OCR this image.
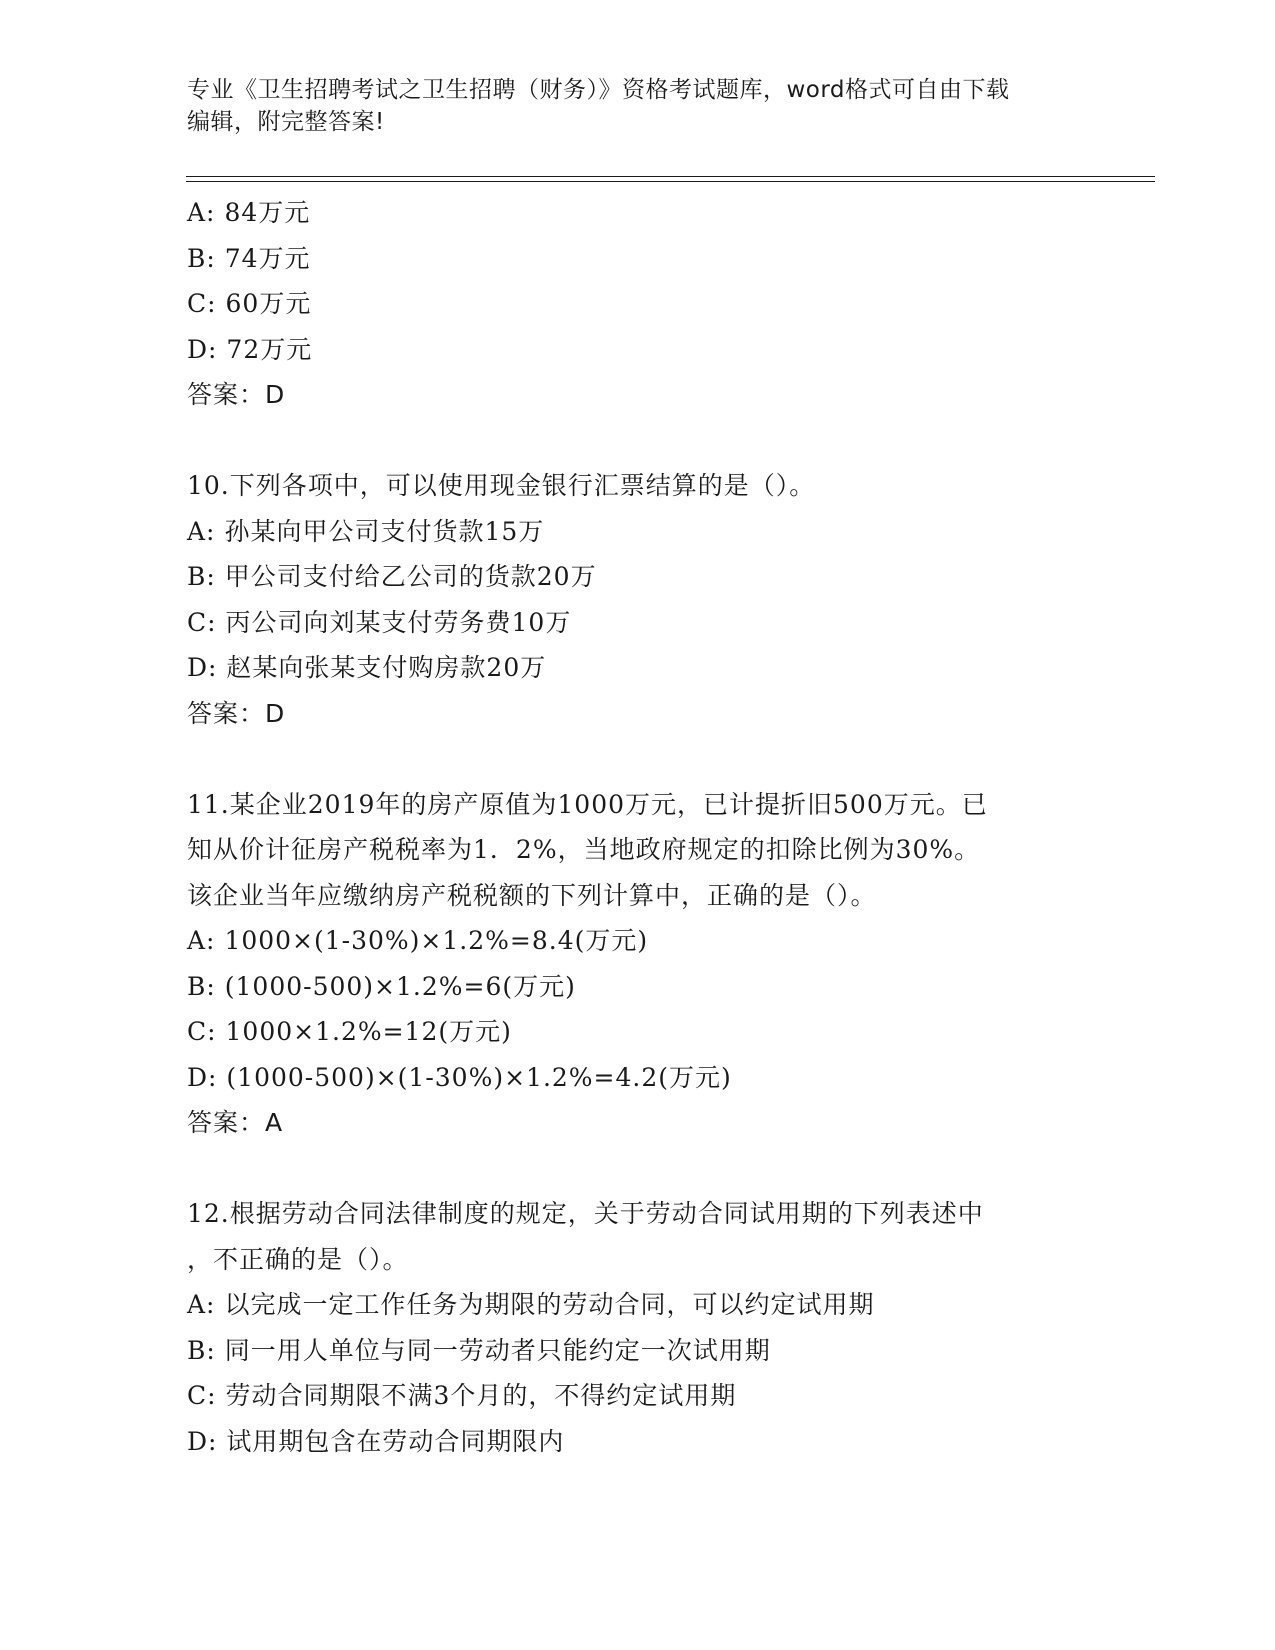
专业《卫生招聘考试之卫生招聘（财务）》资格考试题库，word格式可自由下载
编辑，附完整答案!
A: 84万元
B: 74万元
C: 60万元
D: 72万元
答案：D
10.下列各项中，可以使用现金银行汇票结算的是（）。
A: 孙某向甲公司支付货款15万
B: 甲公司支付给乙公司的货款20万
C: 丙公司向刘某支付劳务费10万
D: 赵某向张某支付购房款20万
答案：D
11.某企业2019年的房产原值为1000万元，已计提折旧500万元。已
知从价计征房产税税率为1．2%，当地政府规定的扣除比例为30%。
该企业当年应缴纳房产税税额的下列计算中，正确的是（）。
A: 1000×(1-30%)×1.2%=8.4(万元)
B: (1000-500)×1.2%=6(万元)
C: 1000×1.2%=12(万元)
D: (1000-500)×(1-30%)×1.2%=4.2(万元)
答案：A
12.根据劳动合同法律制度的规定，关于劳动合同试用期的下列表述中
，不正确的是（）。
A: 以完成一定工作任务为期限的劳动合同，可以约定试用期
B: 同一用人单位与同一劳动者只能约定一次试用期
C: 劳动合同期限不满3个月的，不得约定试用期
D: 试用期包含在劳动合同期限内
